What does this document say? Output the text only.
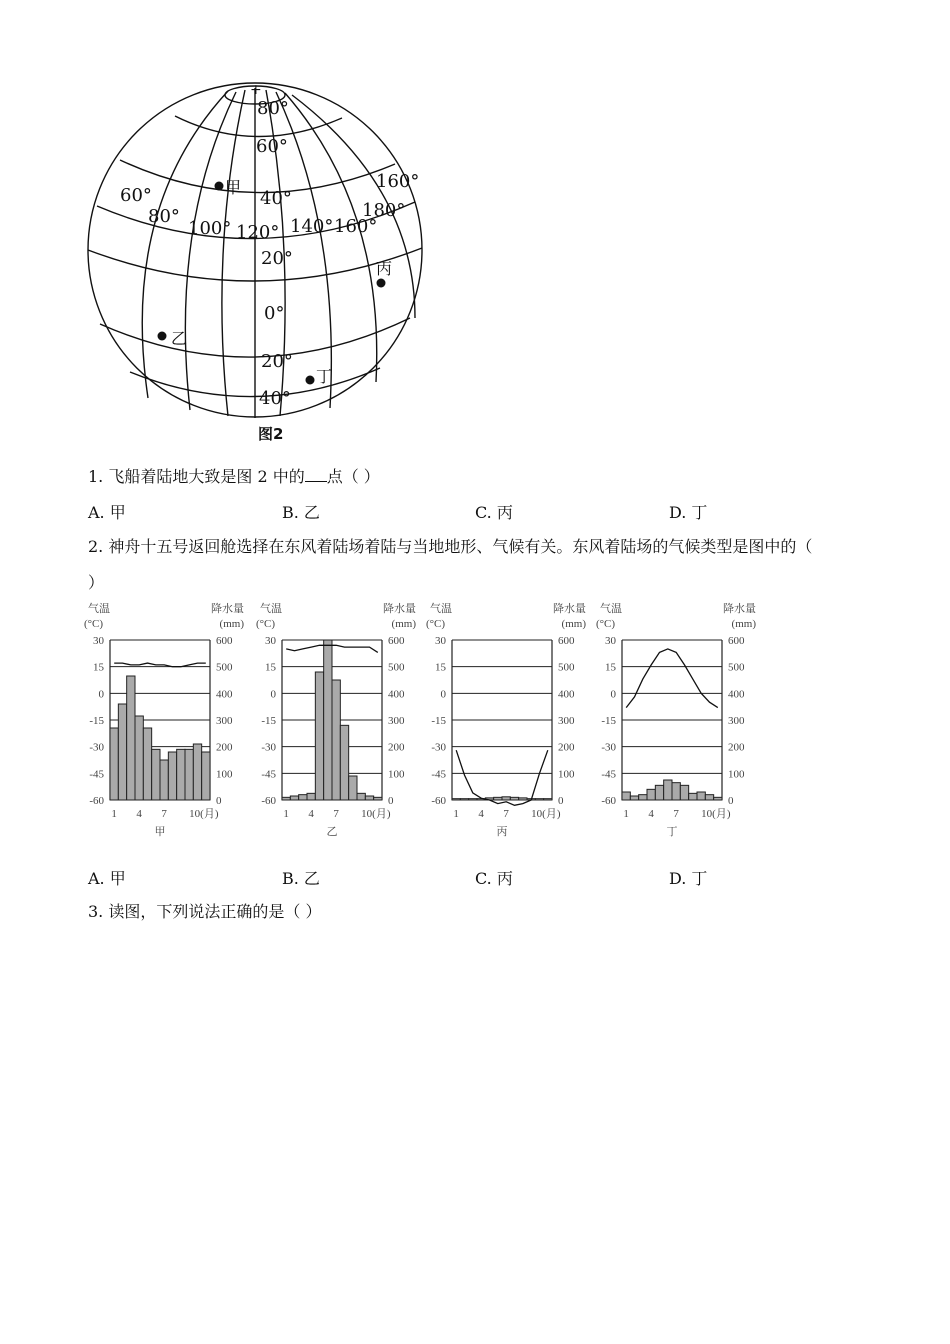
+
80°
60°
40°
20°
0°
20°
40°
60°
80°
100° 120° 140° 160°
180°
160°
甲
乙
丙
丁
图2
1. 飞船着陆地大致是图 2 中的 点（ ）
A. 甲	B. 乙	C. 丙	D. 丁
2. 神舟十五号返回舱选择在东风着陆场着陆与当地地形、气候有关。东风着陆场的气候类型是图中的（
）
气温
(°C)
降水量
(mm)
30	600
15	500
0	400
-15	300
-30	200
-45	100
-60	0
1 4 7 10(月)
甲
气温
(°C)
降水量
(mm)
30	600
15	500
0	400
-15	300
-30	200
-45	100
-60	0
1 4 7 10(月)
乙
气温
(°C)
降水量
(mm)
30	600
15	500
0	400
-15	300
-30	200
-45	100
-60	0
1 4 7 10(月)
丙
气温
(°C)
降水量
(mm)
30	600
15	500
0	400
-15	300
-30	200
-45	100
-60	0
1 4 7 10(月)
丁
A. 甲	B. 乙	C. 丙	D. 丁
3. 读图，下列说法正确的是（ ）
